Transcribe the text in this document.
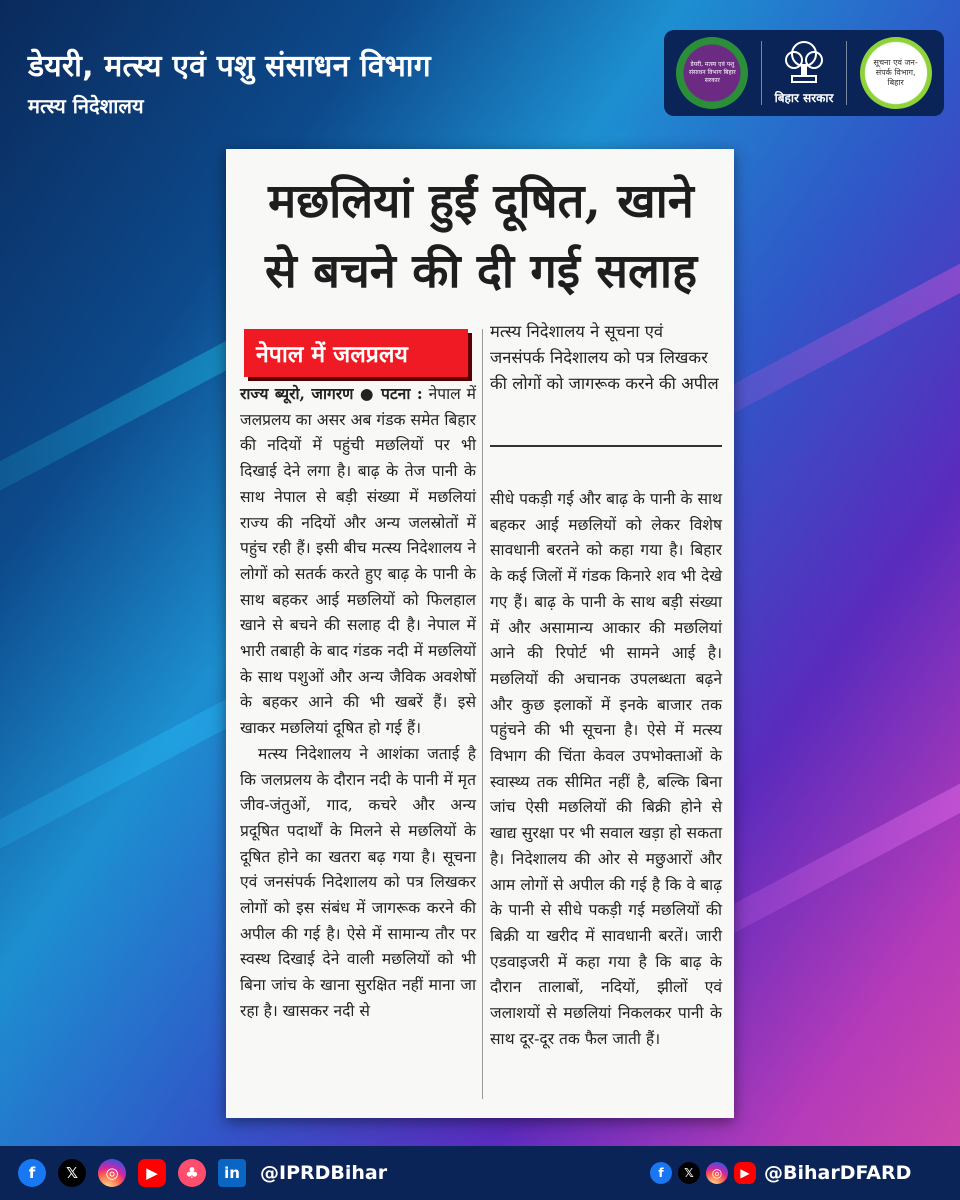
डेयरी, मत्स्य एवं पशु संसाधन विभाग
मत्स्य निदेशालय
डेयरी, मत्स्य एवं पशु संसाधन विभाग बिहार सरकार
बिहार सरकार
सूचना एवं जन-संपर्क विभाग, बिहार
मछलियां हुईं दूषित, खाने
से बचने की दी गई सलाह
नेपाल में जलप्रलय
मत्स्य निदेशालय ने सूचना एवं जनसंपर्क निदेशालय को पत्र लिखकर की लोगों को जागरूक करने की अपील

राज्य ब्यूरो, जागरण ● पटना : नेपाल में जलप्रलय का असर अब गंडक समेत बिहार की नदियों में पहुंची मछलियों पर भी दिखाई देने लगा है। बाढ़ के तेज पानी के साथ नेपाल से बड़ी संख्या में मछलियां राज्य की नदियों और अन्य जलस्रोतों में पहुंच रही हैं। इसी बीच मत्स्य निदेशालय ने लोगों को सतर्क करते हुए बाढ़ के पानी के साथ बहकर आई मछलियों को फिलहाल खाने से बचने की सलाह दी है। नेपाल में भारी तबाही के बाद गंडक नदी में मछलियों के साथ पशुओं और अन्य जैविक अवशेषों के बहकर आने की भी खबरें हैं। इसे खाकर मछलियां दूषित हो गई हैं।

मत्स्य निदेशालय ने आशंका जताई है कि जलप्रलय के दौरान नदी के पानी में मृत जीव-जंतुओं, गाद, कचरे और अन्य प्रदूषित पदार्थों के मिलने से मछलियों के दूषित होने का खतरा बढ़ गया है। सूचना एवं जनसंपर्क निदेशालय को पत्र लिखकर लोगों को इस संबंध में जागरूक करने की अपील की गई है। ऐसे में सामान्य तौर पर स्वस्थ दिखाई देने वाली मछलियों को भी बिना जांच के खाना सुरक्षित नहीं माना जा रहा है। खासकर नदी से

सीधे पकड़ी गई और बाढ़ के पानी के साथ बहकर आई मछलियों को लेकर विशेष सावधानी बरतने को कहा गया है। बिहार के कई जिलों में गंडक किनारे शव भी देखे गए हैं। बाढ़ के पानी के साथ बड़ी संख्या में और असामान्य आकार की मछलियां आने की रिपोर्ट भी सामने आई है। मछलियों की अचानक उपलब्धता बढ़ने और कुछ इलाकों में इनके बाजार तक पहुंचने की भी सूचना है। ऐसे में मत्स्य विभाग की चिंता केवल उपभोक्ताओं के स्वास्थ्य तक सीमित नहीं है, बल्कि बिना जांच ऐसी मछलियों की बिक्री होने से खाद्य सुरक्षा पर भी सवाल खड़ा हो सकता है। निदेशालय की ओर से मछुआरों और आम लोगों से अपील की गई है कि वे बाढ़ के पानी से सीधे पकड़ी गई मछलियों की बिक्री या खरीद में सावधानी बरतें। जारी एडवाइजरी में कहा गया है कि बाढ़ के दौरान तालाबों, नदियों, झीलों एवं जलाशयों से मछलियां निकलकर पानी के साथ दूर-दूर तक फैल जाती हैं।

f	𝕏	◎	▶	♣	in	@IPRDBihar	f	𝕏	◎	▶ @BiharDFARD
